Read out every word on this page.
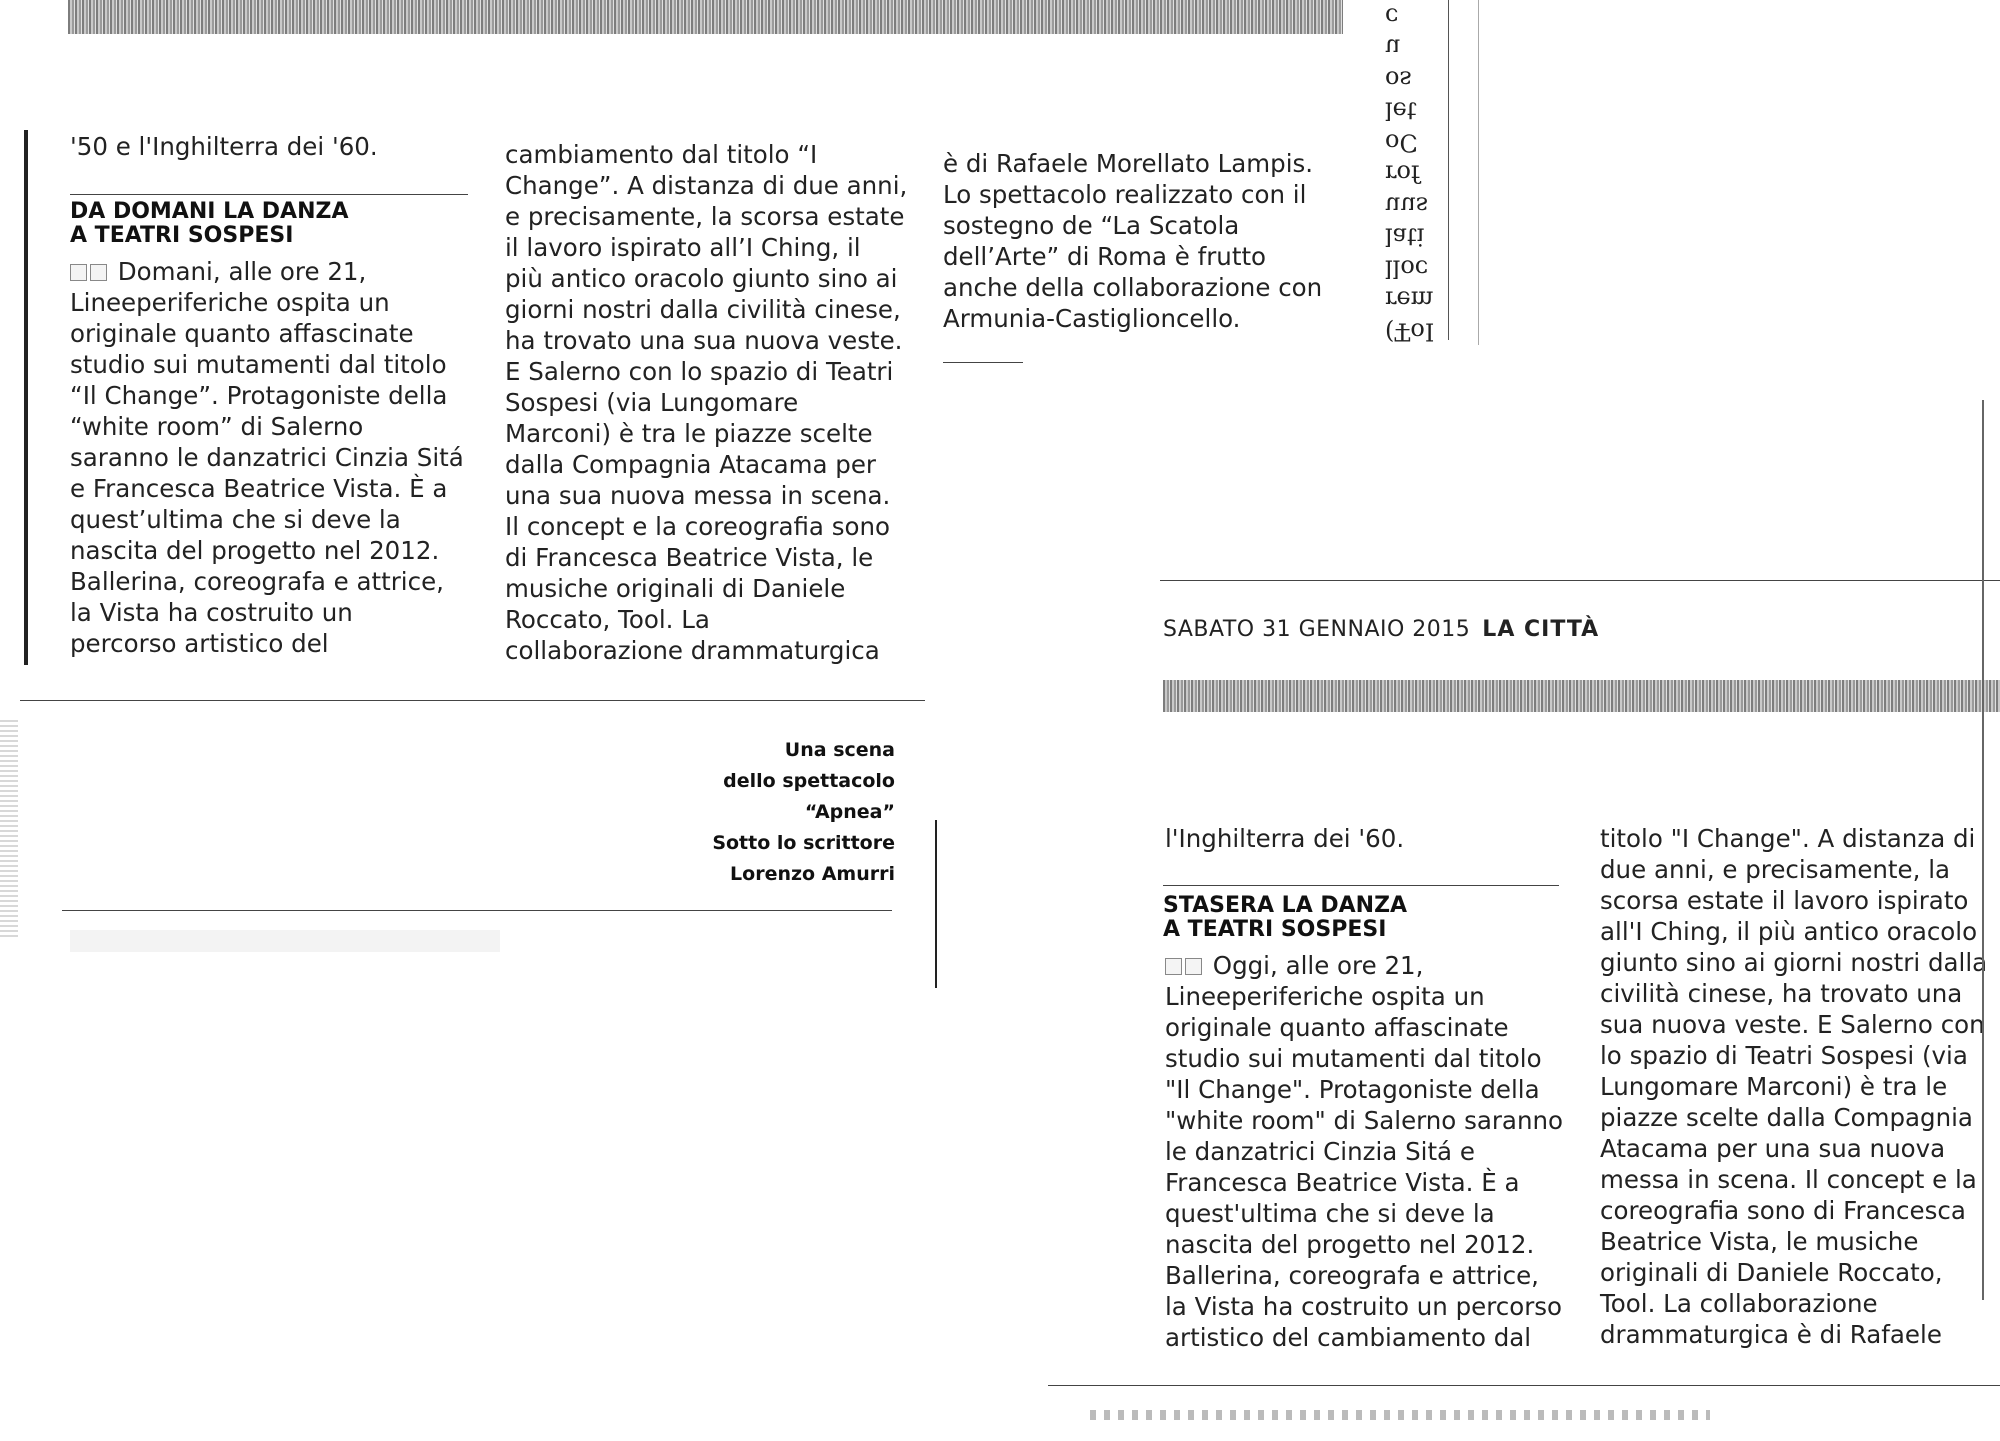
'50 e l'Inghilterra dei '60.
DA DOMANI LA DANZA
A TEATRI SOSPESI
Domani, alle ore 21,
Lineeperiferiche ospita un
originale quanto affascinate
studio sui mutamenti dal titolo
“Il Change”. Protagoniste della
“white room” di Salerno
saranno le danzatrici Cinzia Sitá
e Francesca Beatrice Vista. È a
quest’ultima che si deve la
nascita del progetto nel 2012.
Ballerina, coreografa e attrice,
la Vista ha costruito un
percorso artistico del
cambiamento dal titolo “I
Change”. A distanza di due anni,
e precisamente, la scorsa estate
il lavoro ispirato all’I Ching, il
più antico oracolo giunto sino ai
giorni nostri dalla civilità cinese,
ha trovato una sua nuova veste.
E Salerno con lo spazio di Teatri
Sospesi (via Lungomare
Marconi) è tra le piazze scelte
dalla Compagnia Atacama per
una sua nuova messa in scena.
Il concept e la coreografia sono
di Francesca Beatrice Vista, le
musiche originali di Daniele
Roccato, Tool. La
collaborazione drammaturgica
è di Rafaele Morellato Lampis.
Lo spettacolo realizzato con il
sostegno de “La Scatola
dell’Arte” di Roma è frutto
anche della collaborazione con
Armunia-Castiglioncello.	(T̶oI
rem
lloc
lati
uus
rof
oC
let
os
u
c
Una scena
dello spettacolo
“Apnea”
Sotto lo scrittore
Lorenzo Amurri
SABATO 31 GENNAIO 2015 LA CITTÀ
l'Inghilterra dei '60.
STASERA LA DANZA
A TEATRI SOSPESI
Oggi, alle ore 21,
Lineeperiferiche ospita un
originale quanto affascinate
studio sui mutamenti dal titolo
"Il Change". Protagoniste della
"white room" di Salerno saranno
le danzatrici Cinzia Sitá e
Francesca Beatrice Vista. È a
quest'ultima che si deve la
nascita del progetto nel 2012.
Ballerina, coreografa e attrice,
la Vista ha costruito un percorso
artistico del cambiamento dal
titolo "I Change". A distanza di
due anni, e precisamente, la
scorsa estate il lavoro ispirato
all'I Ching, il più antico oracolo
giunto sino ai giorni nostri dalla
civilità cinese, ha trovato una
sua nuova veste. E Salerno con
lo spazio di Teatri Sospesi (via
Lungomare Marconi) è tra le
piazze scelte dalla Compagnia
Atacama per una sua nuova
messa in scena. Il concept e la
coreografia sono di Francesca
Beatrice Vista, le musiche
originali di Daniele Roccato,
Tool. La collaborazione
drammaturgica è di Rafaele
